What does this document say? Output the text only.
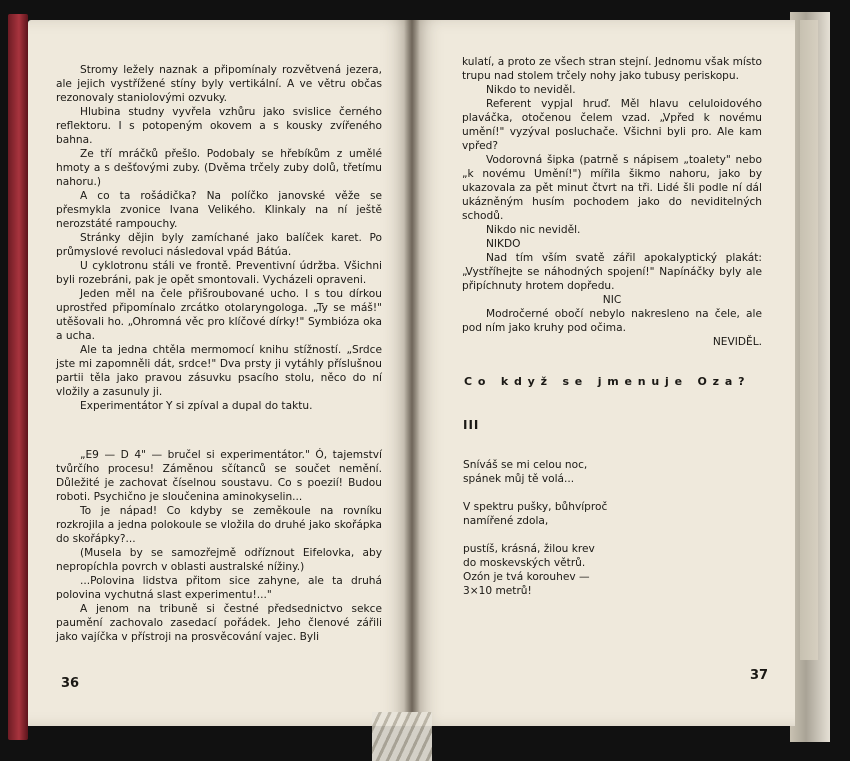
Stromy ležely naznak a připomínaly rozvětvená jezera, ale jejich vystřížené stíny byly vertikální. A ve větru občas rezonovaly staniolovými ozvuky.

Hlubina studny vyvřela vzhůru jako svislice černého reflektoru. I s potopeným okovem a s kousky zvířeného bahna.

Ze tří mráčků přešlo. Podobaly se hřebíkům z umělé hmoty a s dešťovými zuby. (Dvěma trčely zuby dolů, třetímu nahoru.)

A co ta rošádička? Na políčko janovské věže se přesmykla zvonice Ivana Velikého. Klinkaly na ní ještě nerozstáté rampouchy.

Stránky dějin byly zamíchané jako balíček karet. Po průmyslové revoluci následoval vpád Bátúa.

U cyklotronu stáli ve frontě. Preventivní údržba. Všichni byli rozebráni, pak je opět smontovali. Vycházeli opraveni.

Jeden měl na čele přišroubované ucho. I s tou dírkou uprostřed připomínalo zrcátko otolaryngologa. „Ty se máš!" utěšovali ho. „Ohromná věc pro klíčové dírky!" Symbióza oka a ucha.

Ale ta jedna chtěla mermomocí knihu stížností. „Srdce jste mi zapomněli dát, srdce!" Dva prsty ji vytáhly příslušnou partii těla jako pravou zásuvku psacího stolu, něco do ní vložily a zasunuly ji.

Experimentátor Y si zpíval a dupal do taktu.

„E9 — D 4" — bručel si experimentátor." Ó, tajemství tvůrčího procesu! Záměnou sčítanců se součet nemění. Důležité je zachovat číselnou soustavu. Co s poezií! Budou roboti. Psychično je sloučenina aminokyselin...

To je nápad! Co kdyby se zeměkoule na rovníku rozkrojila a jedna polokoule se vložila do druhé jako skořápka do skořápky?...

(Musela by se samozřejmě odříznout Eifelovka, aby nepropíchla povrch v oblasti australské nížiny.)

...Polovina lidstva přitom sice zahyne, ale ta druhá polovina vychutná slast experimentu!..."

A jenom na tribuně si čestné předsednictvo sekce paumění zachovalo zasedací pořádek. Jeho členové zářili jako vajíčka v přístroji na prosvěcování vajec. Byli

36

kulatí, a proto ze všech stran stejní. Jednomu však místo trupu nad stolem trčely nohy jako tubusy periskopu.

Nikdo to neviděl.

Referent vypjal hruď. Měl hlavu celuloidového plaváčka, otočenou čelem vzad. „Vpřed k novému umění!" vyzýval posluchače. Všichni byli pro. Ale kam vpřed?

Vodorovná šipka (patrně s nápisem „toalety" nebo „k novému Umění!") mířila šikmo nahoru, jako by ukazovala za pět minut čtvrt na tři. Lidé šli podle ní dál ukázněným husím pochodem jako do neviditelných schodů.

Nikdo nic neviděl.

NIKDO

Nad tím vším svatě zářil apokalyptický plakát: „Vystříhejte se náhodných spojení!" Napínáčky byly ale připíchnuty hrotem dopředu.

NIC

Modročerné obočí nebylo nakresleno na čele, ale pod ním jako kruhy pod očima.

NEVIDĚL.

Co když se jmenuje Oza?
III

Sníváš se mi celou noc,

spánek můj tě volá...

V spektru pušky, bůhvíproč

namířené zdola,

pustíš, krásná, žilou krev

do moskevských větrů.

Ozón je tvá korouhev —

3×10 metrů!

37
